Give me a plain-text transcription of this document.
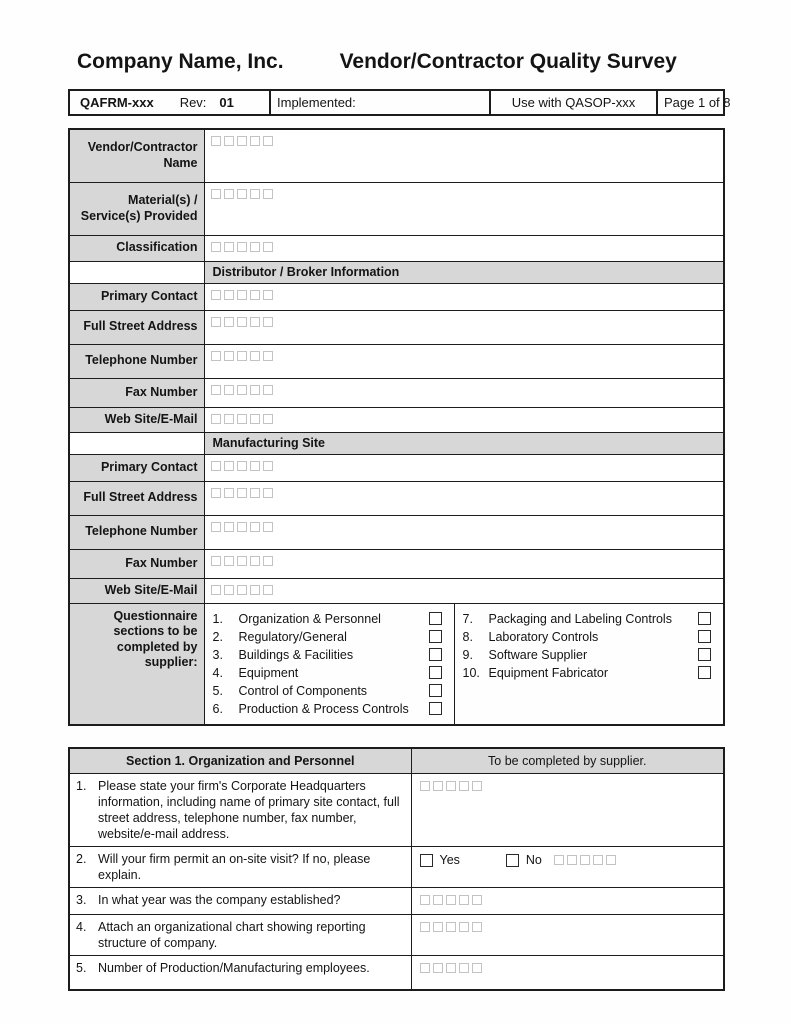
Company Name, Inc.	Vendor/Contractor Quality Survey
QAFRM-xxx Rev: 01	Implemented:	Use with QASOP-xxx	Page 1 of 8
Vendor/Contractor Name	

Material(s) / Service(s) Provided	

Classification	

	Distributor / Broker Information
Primary Contact	

Full Street Address	

Telephone Number	

Fax Number	

Web Site/E-Mail	

	Manufacturing Site
Primary Contact	

Full Street Address	

Telephone Number	

Fax Number	

Web Site/E-Mail	

Questionnaire sections to be completed by supplier:	
1.	Organization & Personnel
2.	Regulatory/General
3.	Buildings & Facilities
4.	Equipment
5.	Control of Components
6.	Production & Process Controls
7.	Packaging and Labeling Controls
8.	Laboratory Controls
9.	Software Supplier
10. Equipment Fabricator
Section 1. Organization and Personnel	To be completed by supplier.

1. Please state your firm's Corporate Headquarters information, including name of primary site contact, full street address, telephone number, fax number, website/e-mail address.	

2. Will your firm permit an on-site visit? If no, please explain.	Yes No

3. In what year was the company established?	

4. Attach an organizational chart showing reporting structure of company.	

5. Number of Production/Manufacturing employees.	
